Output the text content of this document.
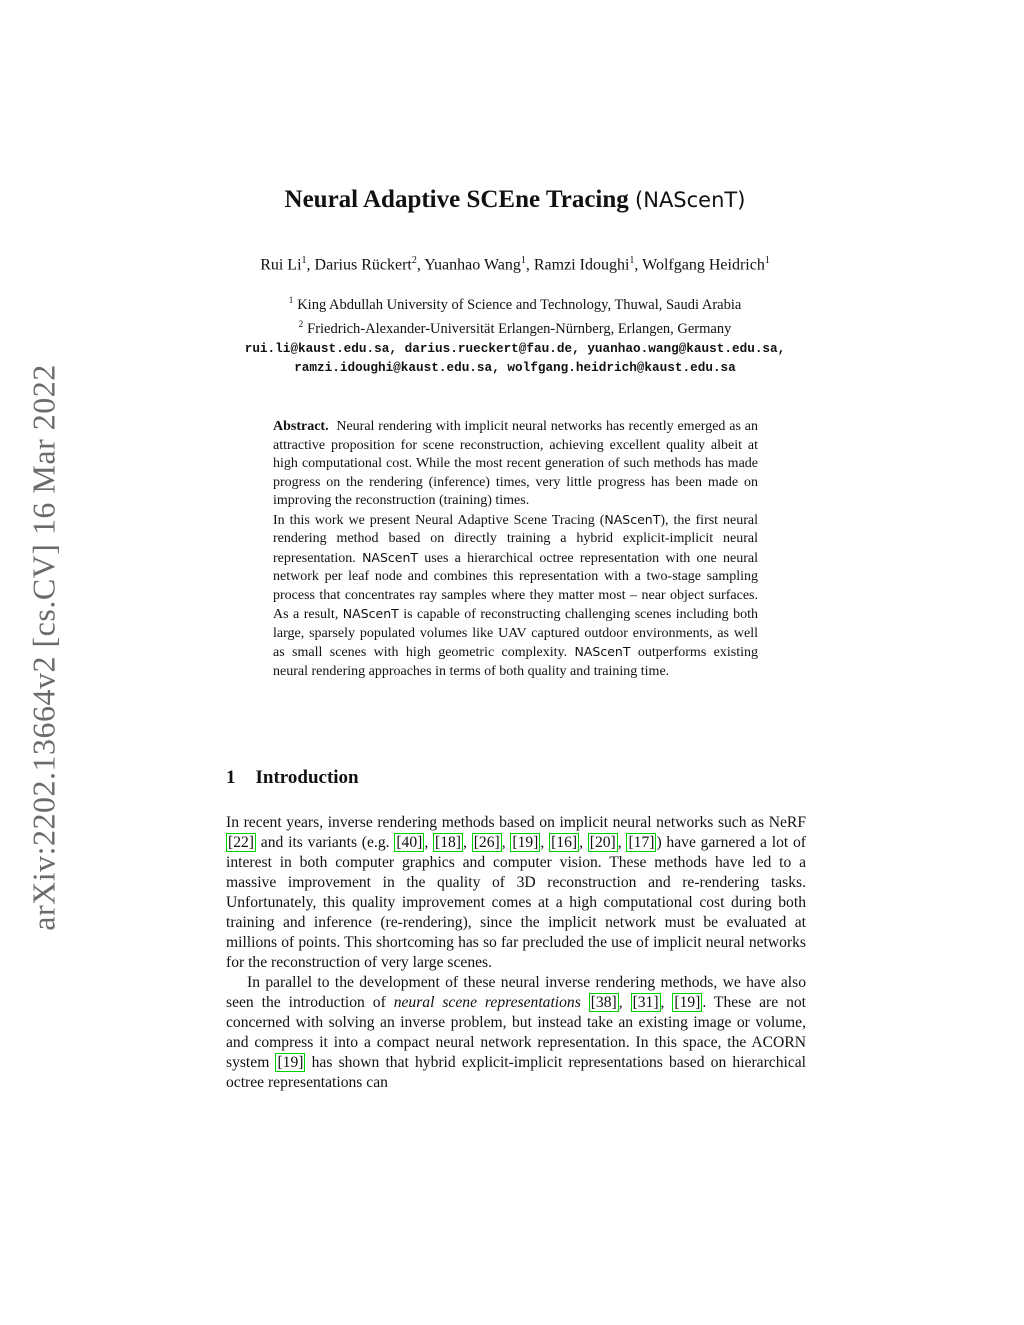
arXiv:2202.13664v2 [cs.CV] 16 Mar 2022
Neural Adaptive SCEne Tracing (NAScenT)
Rui Li$^1$, Darius Rückert$^2$, Yuanhao Wang$^1$, Ramzi Idoughi$^1$, Wolfgang Heidrich$^1$
$^1$ King Abdullah University of Science and Technology, Thuwal, Saudi Arabia
$^2$ Friedrich-Alexander-Universität Erlangen-Nürnberg, Erlangen, Germany
rui.li@kaust.edu.sa, darius.rueckert@fau.de, yuanhao.wang@kaust.edu.sa,
ramzi.idoughi@kaust.edu.sa, wolfgang.heidrich@kaust.edu.sa

Abstract. Neural rendering with implicit neural networks has recently emerged as an attractive proposition for scene reconstruction, achieving excellent quality albeit at high computational cost. While the most recent generation of such methods has made progress on the rendering (inference) times, very little progress has been made on improving the reconstruction (training) times.

In this work we present Neural Adaptive Scene Tracing (NAScenT), the first neural rendering method based on directly training a hybrid explicit-implicit neural representation. NAScenT uses a hierarchical octree representation with one neural network per leaf node and combines this representation with a two-stage sampling process that concentrates ray samples where they matter most – near object surfaces. As a result, NAScenT is capable of reconstructing challenging scenes including both large, sparsely populated volumes like UAV captured outdoor environments, as well as small scenes with high geometric complexity. NAScenT outperforms existing neural rendering approaches in terms of both quality and training time.

1 Introduction

In recent years, inverse rendering methods based on implicit neural networks such as NeRF [22] and its variants (e.g. [40] , [18] , [26] , [19] , [16] , [20] , [17] ) have garnered a lot of interest in both computer graphics and computer vision. These methods have led to a massive improvement in the quality of 3D reconstruction and re-rendering tasks. Unfortunately, this quality improvement comes at a high computational cost during both training and inference (re-rendering), since the implicit network must be evaluated at millions of points. This shortcoming has so far precluded the use of implicit neural networks for the reconstruction of very large scenes.

In parallel to the development of these neural inverse rendering methods, we have also seen the introduction of neural scene representations [38] , [31] , [19] . These are not concerned with solving an inverse problem, but instead take an existing image or volume, and compress it into a compact neural network representation. In this space, the ACORN system [19] has shown that hybrid explicit-implicit representations based on hierarchical octree representations can
